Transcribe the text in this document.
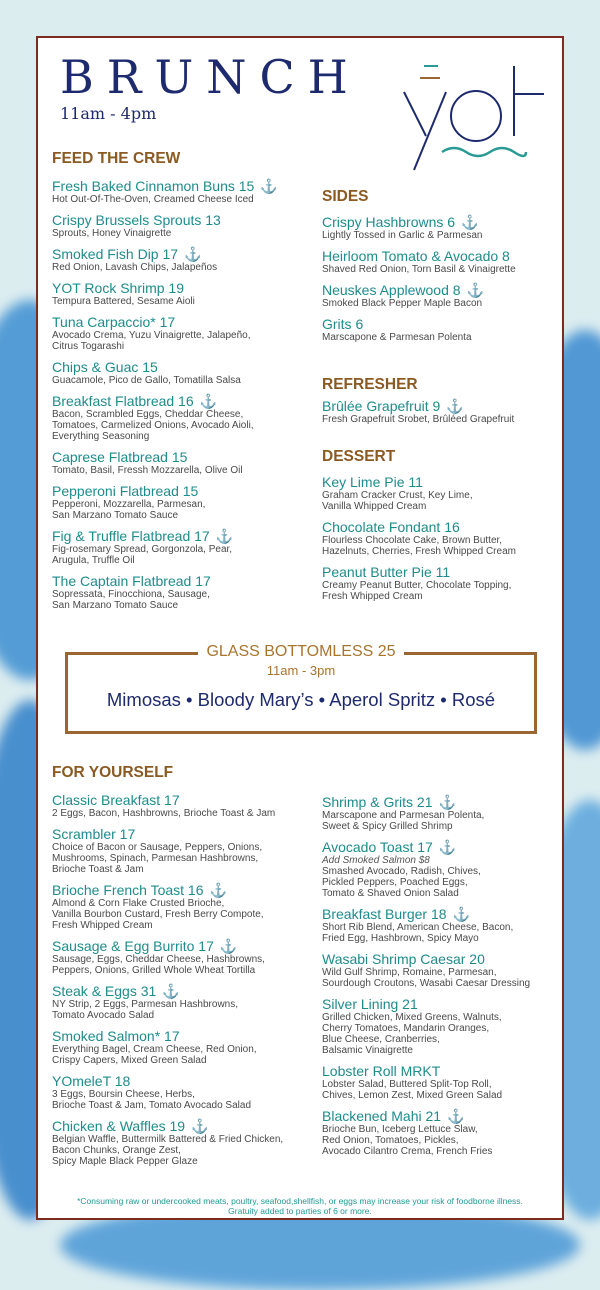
BRUNCH
11am - 4pm
FEED THE CREW
Fresh Baked Cinnamon Buns 15 ⚓
Hot Out-Of-The-Oven, Creamed Cheese Iced
Crispy Brussels Sprouts 13
Sprouts, Honey Vinaigrette
Smoked Fish Dip 17 ⚓
Red Onion, Lavash Chips, Jalapeños
YOT Rock Shrimp 19
Tempura Battered, Sesame Aioli
Tuna Carpaccio* 17
Avocado Crema, Yuzu Vinaigrette, Jalapeño,
Citrus Togarashi
Chips & Guac 15
Guacamole, Pico de Gallo, Tomatilla Salsa
Breakfast Flatbread 16 ⚓
Bacon, Scrambled Eggs, Cheddar Cheese,
Tomatoes, Carmelized Onions, Avocado Aioli,
Everything Seasoning
Caprese Flatbread 15
Tomato, Basil, Fressh Mozzarella, Olive Oil
Pepperoni Flatbread 15
Pepperoni, Mozzarella, Parmesan,
San Marzano Tomato Sauce
Fig & Truffle Flatbread 17 ⚓
Fig-rosemary Spread, Gorgonzola, Pear,
Arugula, Truffle Oil
The Captain Flatbread 17
Sopressata, Finocchiona, Sausage,
San Marzano Tomato Sauce
SIDES
Crispy Hashbrowns 6 ⚓
Lightly Tossed in Garlic & Parmesan
Heirloom Tomato & Avocado 8
Shaved Red Onion, Torn Basil & Vinaigrette
Neuskes Applewood 8 ⚓
Smoked Black Pepper Maple Bacon
Grits 6
Marscapone & Parmesan Polenta
REFRESHER
Brûlée Grapefruit 9 ⚓
Fresh Grapefruit Srobet, Brûléed Grapefruit
DESSERT
Key Lime Pie 11
Graham Cracker Crust, Key Lime,
Vanilla Whipped Cream
Chocolate Fondant 16
Flourless Chocolate Cake, Brown Butter,
Hazelnuts, Cherries, Fresh Whipped Cream
Peanut Butter Pie 11
Creamy Peanut Butter, Chocolate Topping,
Fresh Whipped Cream
GLASS BOTTOMLESS 25
11am - 3pm
Mimosas • Bloody Mary’s • Aperol Spritz • Rosé
FOR YOURSELF
Classic Breakfast 17
2 Eggs, Bacon, Hashbrowns, Brioche Toast & Jam
Scrambler 17
Choice of Bacon or Sausage, Peppers, Onions,
Mushrooms, Spinach, Parmesan Hashbrowns,
Brioche Toast & Jam
Brioche French Toast 16 ⚓
Almond & Corn Flake Crusted Brioche,
Vanilla Bourbon Custard, Fresh Berry Compote,
Fresh Whipped Cream
Sausage & Egg Burrito 17 ⚓
Sausage, Eggs, Cheddar Cheese, Hashbrowns,
Peppers, Onions, Grilled Whole Wheat Tortilla
Steak & Eggs 31 ⚓
NY Strip, 2 Eggs, Parmesan Hashbrowns,
Tomato Avocado Salad
Smoked Salmon* 17
Everything Bagel, Cream Cheese, Red Onion,
Crispy Capers, Mixed Green Salad
YOmeleT 18
3 Eggs, Boursin Cheese, Herbs,
Brioche Toast & Jam, Tomato Avocado Salad
Chicken & Waffles 19 ⚓
Belgian Waffle, Buttermilk Battered & Fried Chicken,
Bacon Chunks, Orange Zest,
Spicy Maple Black Pepper Glaze
Shrimp & Grits 21 ⚓
Marscapone and Parmesan Polenta,
Sweet & Spicy Grilled Shrimp
Avocado Toast 17 ⚓
Add Smoked Salmon $8
Smashed Avocado, Radish, Chives,
Pickled Peppers, Poached Eggs,
Tomato & Shaved Onion Salad
Breakfast Burger 18 ⚓
Short Rib Blend, American Cheese, Bacon,
Fried Egg, Hashbrown, Spicy Mayo
Wasabi Shrimp Caesar 20
Wild Gulf Shrimp, Romaine, Parmesan,
Sourdough Croutons, Wasabi Caesar Dressing
Silver Lining 21
Grilled Chicken, Mixed Greens, Walnuts,
Cherry Tomatoes, Mandarin Oranges,
Blue Cheese, Cranberries,
Balsamic Vinaigrette
Lobster Roll MRKT
Lobster Salad, Buttered Split-Top Roll,
Chives, Lemon Zest, Mixed Green Salad
Blackened Mahi 21 ⚓
Brioche Bun, Iceberg Lettuce Slaw,
Red Onion, Tomatoes, Pickles,
Avocado Cilantro Crema, French Fries
*Consuming raw or undercooked meats, poultry, seafood,shellfish, or eggs may increase your risk of foodborne illness.
Gratuity added to parties of 6 or more.
